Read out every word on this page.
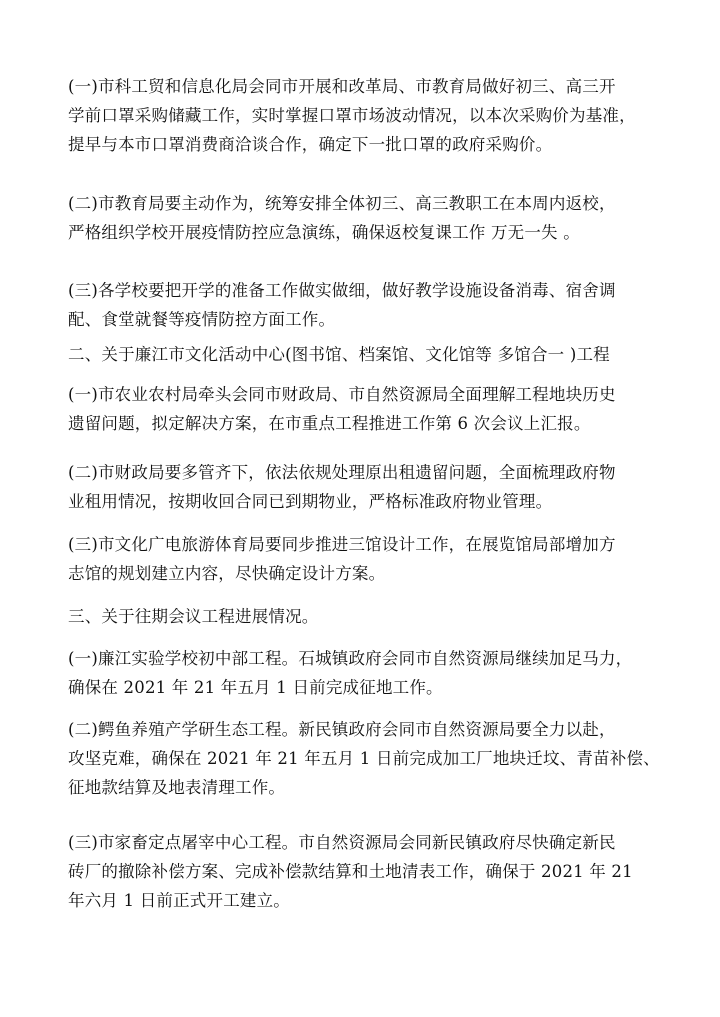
(一)市科工贸和信息化局会同市开展和改革局、市教育局做好初三、高三开
学前口罩采购储藏工作，实时掌握口罩市场波动情况，以本次采购价为基准，
提早与本市口罩消费商洽谈合作，确定下一批口罩的政府采购价。
(二)市教育局要主动作为，统筹安排全体初三、高三教职工在本周内返校，
严格组织学校开展疫情防控应急演练，确保返校复课工作 万无一失 。
(三)各学校要把开学的准备工作做实做细，做好教学设施设备消毒、宿舍调
配、食堂就餐等疫情防控方面工作。
二、关于廉江市文化活动中心(图书馆、档案馆、文化馆等 多馆合一 )工程
(一)市农业农村局牵头会同市财政局、市自然资源局全面理解工程地块历史
遗留问题，拟定解决方案，在市重点工程推进工作第 6 次会议上汇报。
(二)市财政局要多管齐下，依法依规处理原出租遗留问题，全面梳理政府物
业租用情况，按期收回合同已到期物业，严格标准政府物业管理。
(三)市文化广电旅游体育局要同步推进三馆设计工作，在展览馆局部增加方
志馆的规划建立内容，尽快确定设计方案。
三、关于往期会议工程进展情况。
(一)廉江实验学校初中部工程。石城镇政府会同市自然资源局继续加足马力，
确保在 2021 年 21 年五月 1 日前完成征地工作。
(二)鳄鱼养殖产学研生态工程。新民镇政府会同市自然资源局要全力以赴，
攻坚克难，确保在 2021 年 21 年五月 1 日前完成加工厂地块迁坟、青苗补偿、
征地款结算及地表清理工作。
(三)市家畜定点屠宰中心工程。市自然资源局会同新民镇政府尽快确定新民
砖厂的撤除补偿方案、完成补偿款结算和土地清表工作，确保于 2021 年 21
年六月 1 日前正式开工建立。
